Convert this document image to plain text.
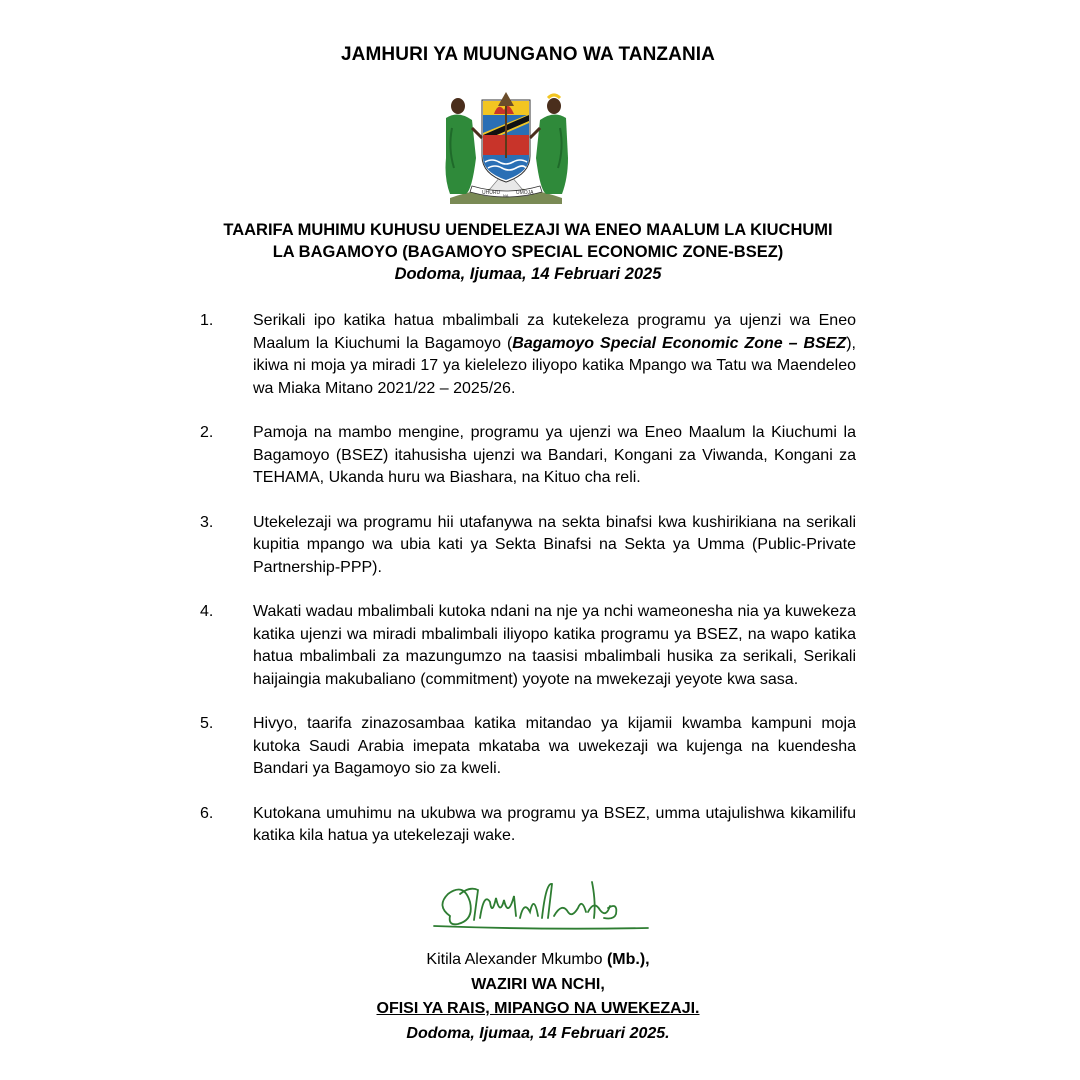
JAMHURI YA MUUNGANO WA TANZANIA
UHURU NA UMOJA
TAARIFA MUHIMU KUHUSU UENDELEZAJI WA ENEO MAALUM LA KIUCHUMI
LA BAGAMOYO (BAGAMOYO SPECIAL ECONOMIC ZONE-BSEZ)
Dodoma, Ijumaa, 14 Februari 2025
1.	Serikali ipo katika hatua mbalimbali za kutekeleza programu ya ujenzi wa Eneo Maalum la Kiuchumi la Bagamoyo (Bagamoyo Special Economic Zone – BSEZ), ikiwa ni moja ya miradi 17 ya kielelezo iliyopo katika Mpango wa Tatu wa Maendeleo wa Miaka Mitano 2021/22 – 2025/26.
2.	Pamoja na mambo mengine, programu ya ujenzi wa Eneo Maalum la Kiuchumi la Bagamoyo (BSEZ) itahusisha ujenzi wa Bandari, Kongani za Viwanda, Kongani za TEHAMA, Ukanda huru wa Biashara, na Kituo cha reli.
3.	Utekelezaji wa programu hii utafanywa na sekta binafsi kwa kushirikiana na serikali kupitia mpango wa ubia kati ya Sekta Binafsi na Sekta ya Umma (Public-Private Partnership-PPP).
4.	Wakati wadau mbalimbali kutoka ndani na nje ya nchi wameonesha nia ya kuwekeza katika ujenzi wa miradi mbalimbali iliyopo katika programu ya BSEZ, na wapo katika hatua mbalimbali za mazungumzo na taasisi mbalimbali husika za serikali, Serikali haijaingia makubaliano (commitment) yoyote na mwekezaji yeyote kwa sasa.
5.	Hivyo, taarifa zinazosambaa katika mitandao ya kijamii kwamba kampuni moja kutoka Saudi Arabia imepata mkataba wa uwekezaji wa kujenga na kuendesha Bandari ya Bagamoyo sio za kweli.
6.	Kutokana umuhimu na ukubwa wa programu ya BSEZ, umma utajulishwa kikamilifu katika kila hatua ya utekelezaji wake.
Kitila Alexander Mkumbo (Mb.),
WAZIRI WA NCHI,
OFISI YA RAIS, MIPANGO NA UWEKEZAJI.
Dodoma, Ijumaa, 14 Februari 2025.
